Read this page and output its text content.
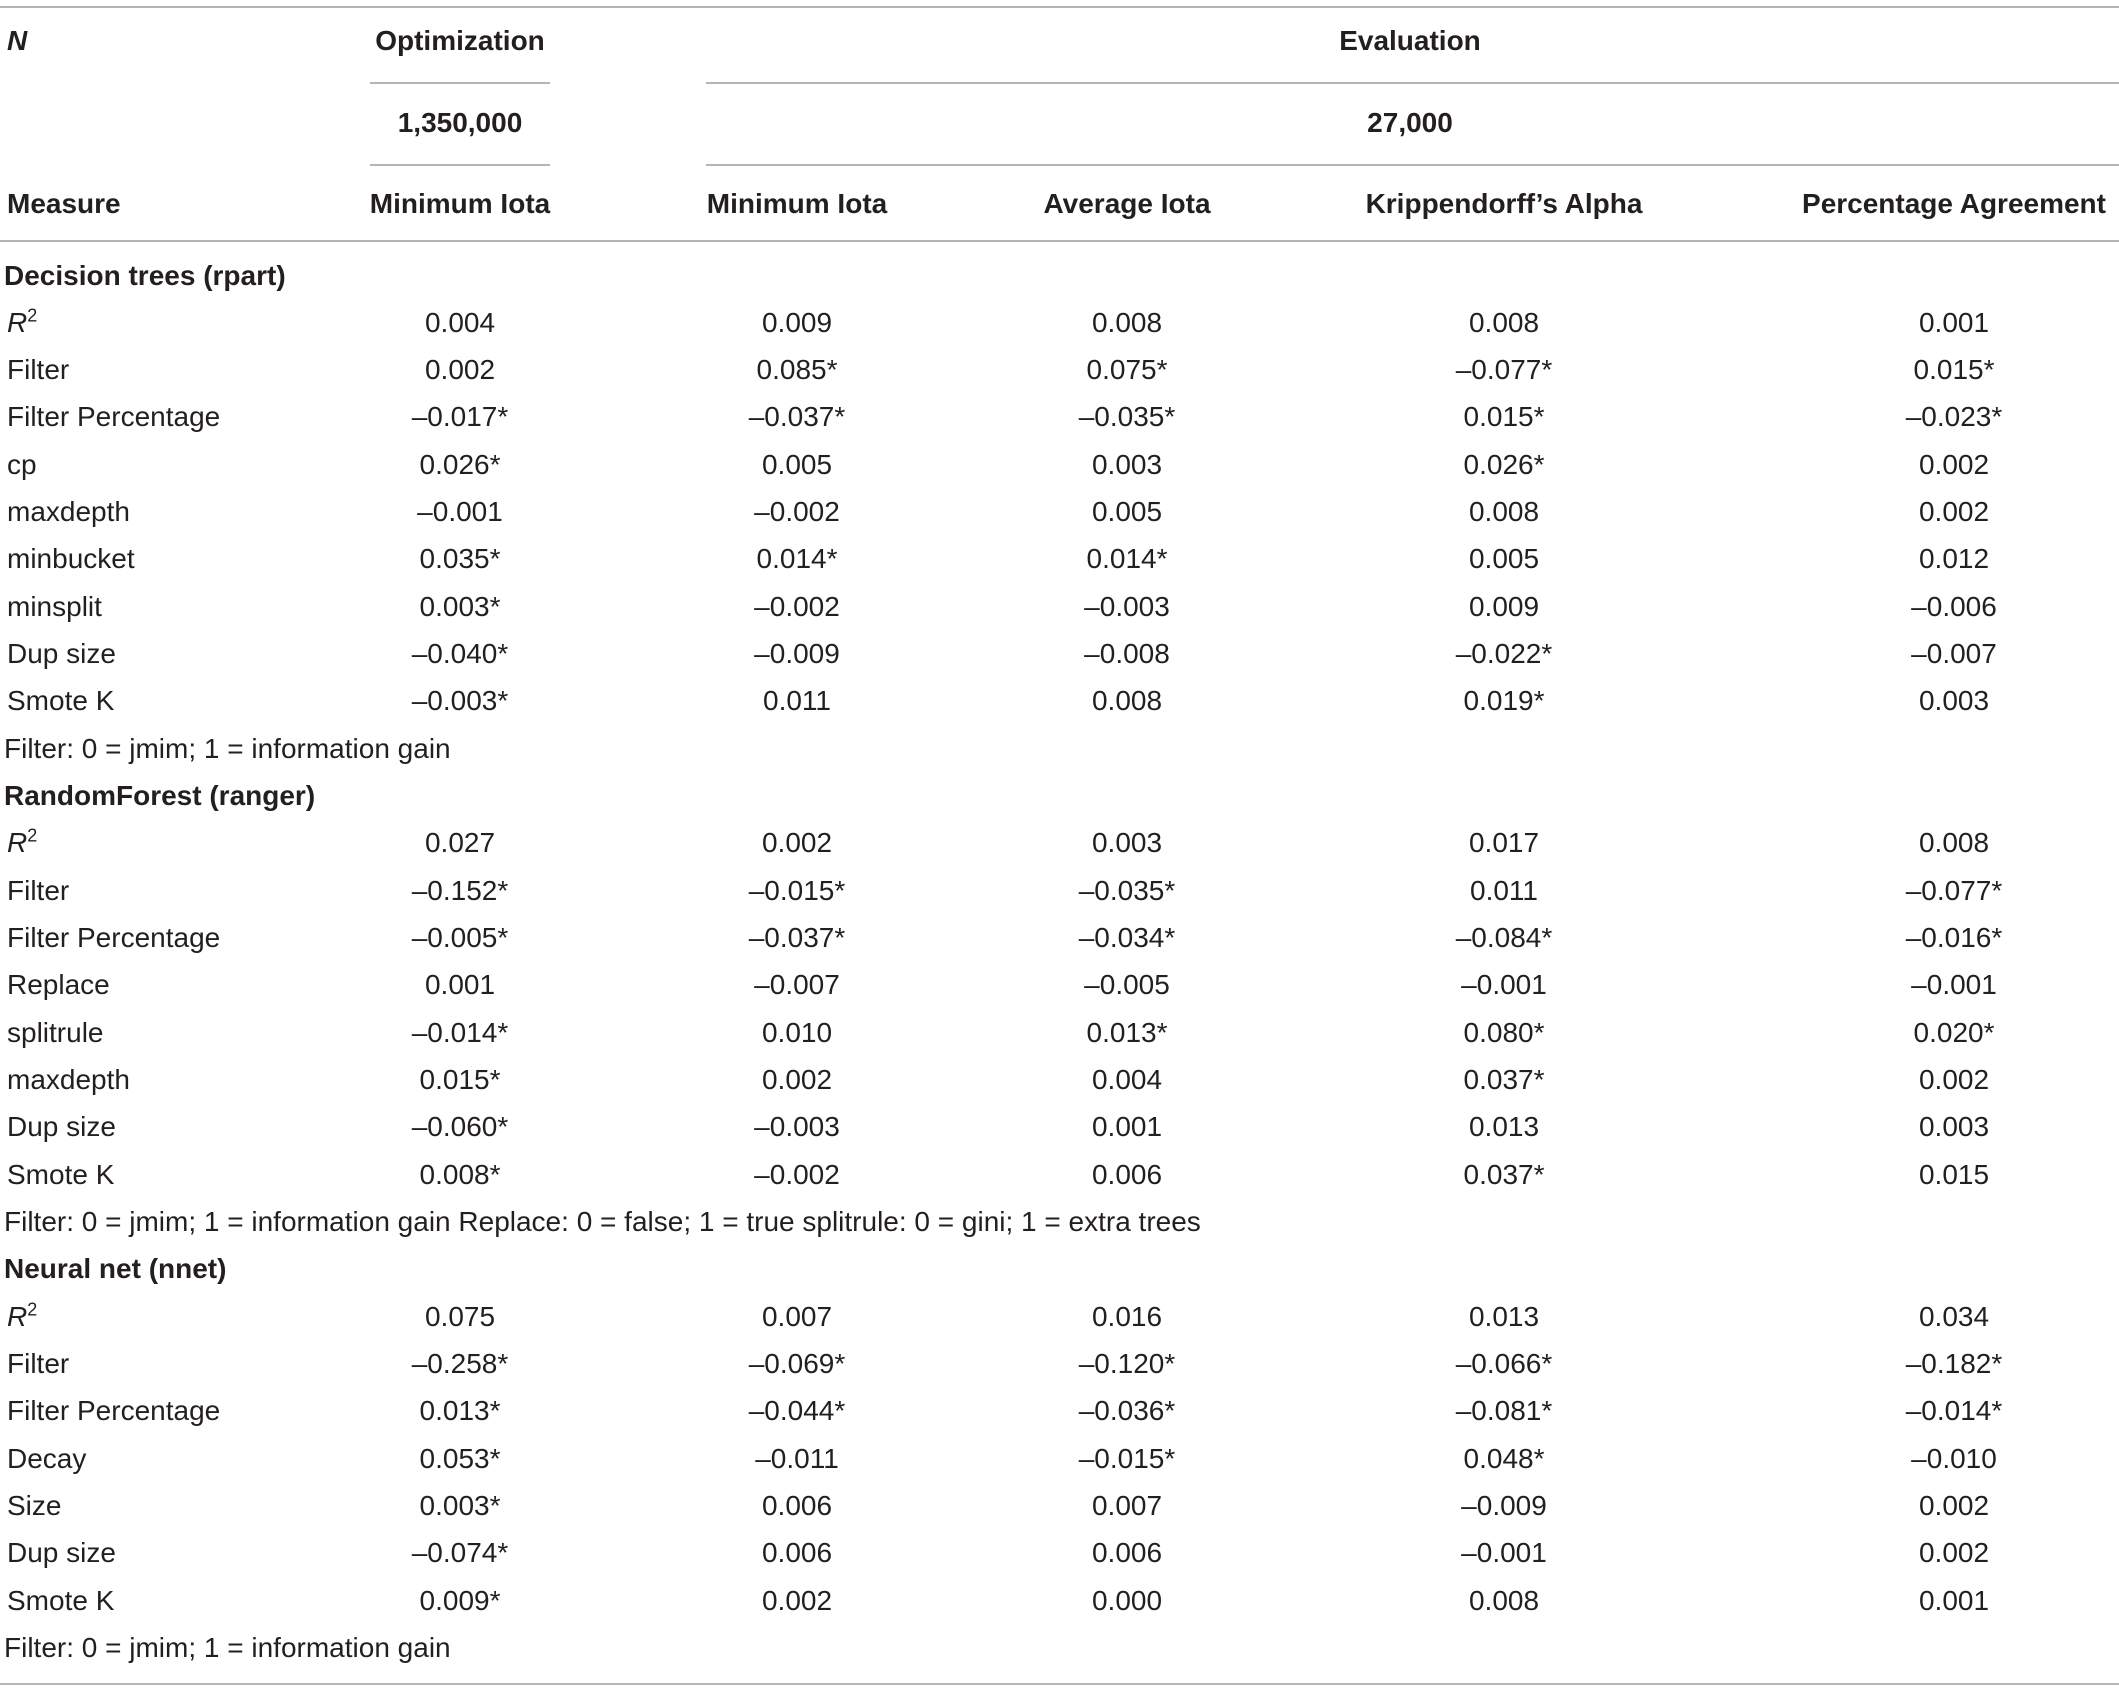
N	Optimization	Evaluation
1,350,000	27,000
Measure	Minimum Iota	Minimum Iota	Average Iota	Krippendorff’s Alpha	Percentage Agreement
Decision trees (rpart)
$R^2$	0.004	0.009	0.008	0.008	0.001
Filter	0.002	0.085*	0.075*	–0.077*	0.015*
Filter Percentage	–0.017*	–0.037*	–0.035*	0.015*	–0.023*
cp	0.026*	0.005	0.003	0.026*	0.002
maxdepth	–0.001	–0.002	0.005	0.008	0.002
minbucket	0.035*	0.014*	0.014*	0.005	0.012
minsplit	0.003*	–0.002	–0.003	0.009	–0.006
Dup size	–0.040*	–0.009	–0.008	–0.022*	–0.007
Smote K	–0.003*	0.011	0.008	0.019*	0.003
Filter: 0 = jmim; 1 = information gain
RandomForest (ranger)
$R^2$	0.027	0.002	0.003	0.017	0.008
Filter	–0.152*	–0.015*	–0.035*	0.011	–0.077*
Filter Percentage	–0.005*	–0.037*	–0.034*	–0.084*	–0.016*
Replace	0.001	–0.007	–0.005	–0.001	–0.001
splitrule	–0.014*	0.010	0.013*	0.080*	0.020*
maxdepth	0.015*	0.002	0.004	0.037*	0.002
Dup size	–0.060*	–0.003	0.001	0.013	0.003
Smote K	0.008*	–0.002	0.006	0.037*	0.015
Filter: 0 = jmim; 1 = information gain Replace: 0 = false; 1 = true splitrule: 0 = gini; 1 = extra trees
Neural net (nnet)
$R^2$	0.075	0.007	0.016	0.013	0.034
Filter	–0.258*	–0.069*	–0.120*	–0.066*	–0.182*
Filter Percentage	0.013*	–0.044*	–0.036*	–0.081*	–0.014*
Decay	0.053*	–0.011	–0.015*	0.048*	–0.010
Size	0.003*	0.006	0.007	–0.009	0.002
Dup size	–0.074*	0.006	0.006	–0.001	0.002
Smote K	0.009*	0.002	0.000	0.008	0.001
Filter: 0 = jmim; 1 = information gain
